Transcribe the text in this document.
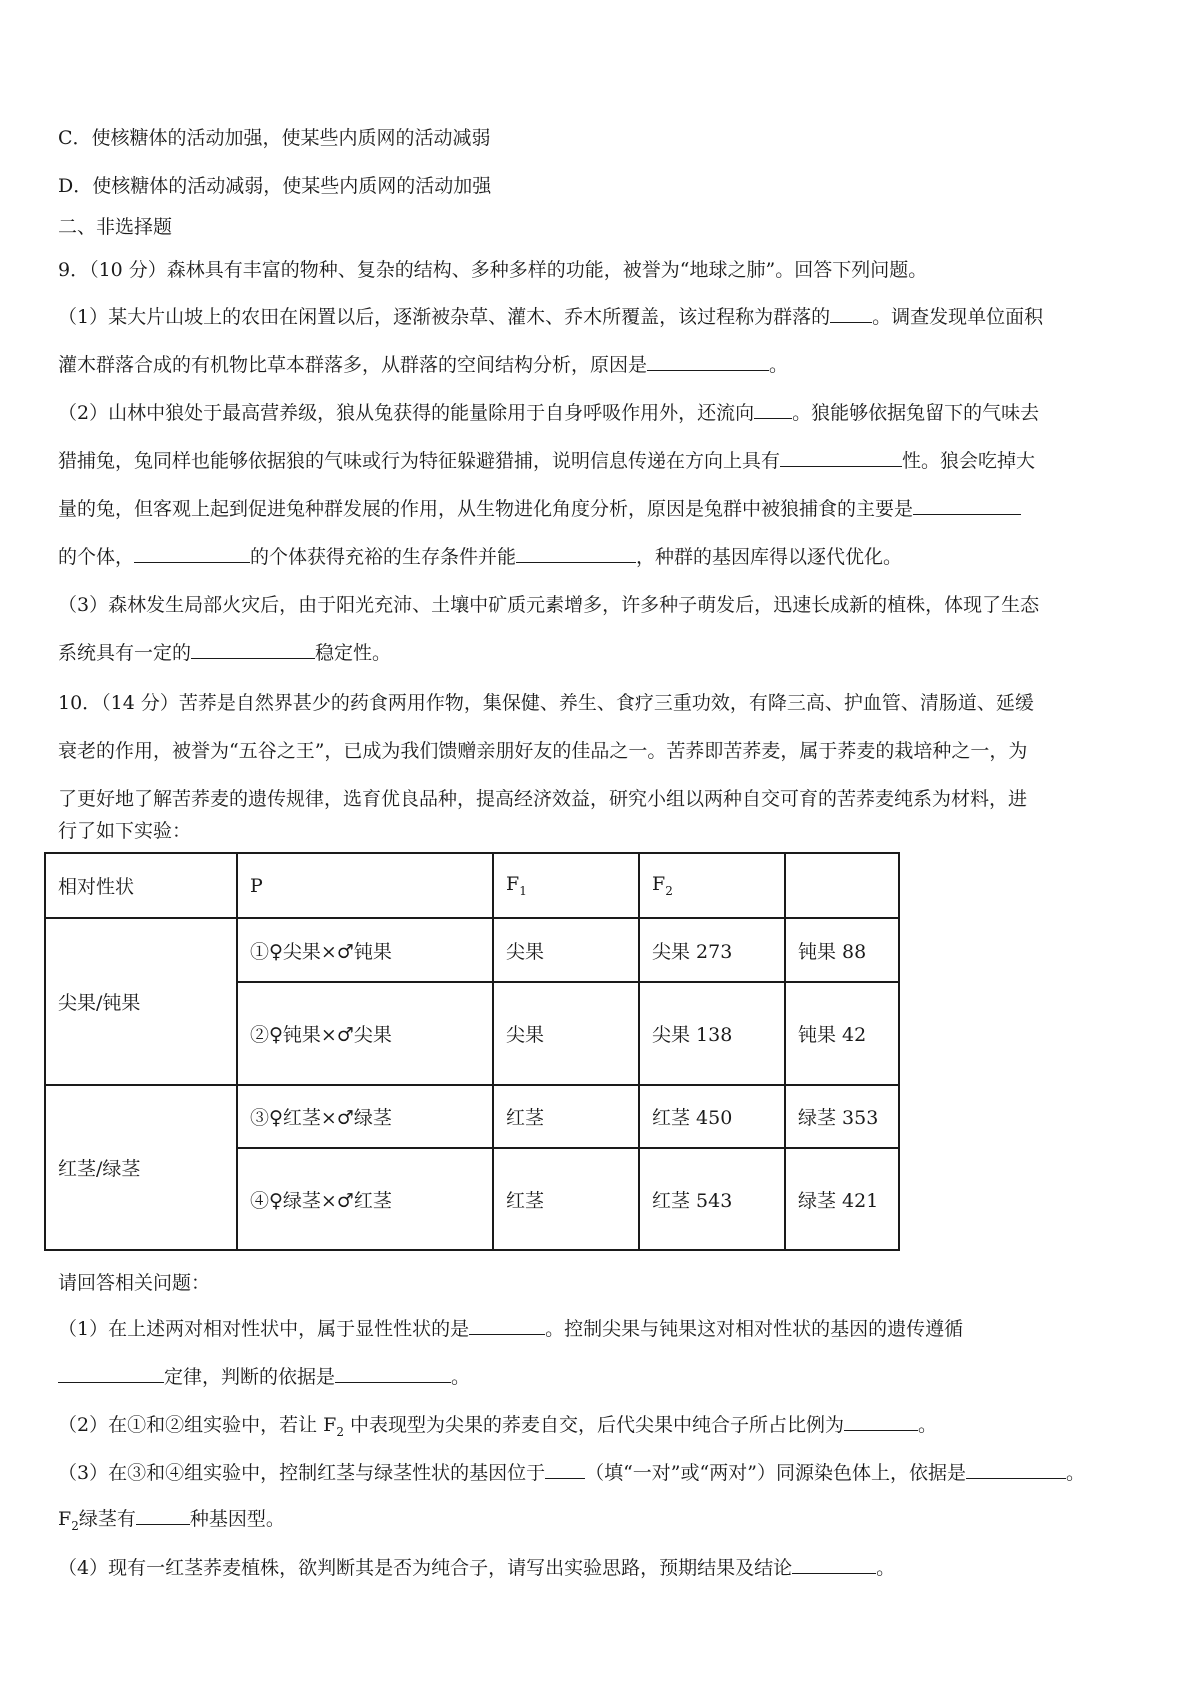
C．使核糖体的活动加强，使某些内质网的活动减弱
D．使核糖体的活动减弱，使某些内质网的活动加强
二、非选择题
9．（10 分）森林具有丰富的物种、复杂的结构、多种多样的功能，被誉为“地球之肺”。回答下列问题。
（1）某大片山坡上的农田在闲置以后，逐渐被杂草、灌木、乔木所覆盖，该过程称为群落的 。调查发现单位面积
灌木群落合成的有机物比草本群落多，从群落的空间结构分析，原因是	。
（2）山林中狼处于最高营养级，狼从兔获得的能量除用于自身呼吸作用外，还流向 。狼能够依据兔留下的气味去
猎捕兔，兔同样也能够依据狼的气味或行为特征躲避猎捕，说明信息传递在方向上具有	性。狼会吃掉大
量的兔，但客观上起到促进兔种群发展的作用，从生物进化角度分析，原因是兔群中被狼捕食的主要是
的个体，	的个体获得充裕的生存条件并能	，种群的基因库得以逐代优化。
（3）森林发生局部火灾后，由于阳光充沛、土壤中矿质元素增多，许多种子萌发后，迅速长成新的植株，体现了生态
系统具有一定的	稳定性。
10．（14 分）苦荞是自然界甚少的药食两用作物，集保健、养生、食疗三重功效，有降三高、护血管、清肠道、延缓
衰老的作用，被誉为“五谷之王”，已成为我们馈赠亲朋好友的佳品之一。苦荞即苦荞麦，属于荞麦的栽培种之一，为
了更好地了解苦荞麦的遗传规律，选育优良品种，提高经济效益，研究小组以两种自交可育的苦荞麦纯系为材料，进
行了如下实验：
相对性状	P	$F_1$	$F_2$	
尖果/钝果	①♀尖果×♂钝果	尖果	尖果 273	钝果 88
	②♀钝果×♂尖果	尖果	尖果 138	钝果 42
红茎/绿茎	③♀红茎×♂绿茎	红茎	红茎 450	绿茎 353
	④♀绿茎×♂红茎	红茎	红茎 543	绿茎 421
请回答相关问题：
（1）在上述两对相对性状中，属于显性性状的是	。控制尖果与钝果这对相对性状的基因的遗传遵循
定律，判断的依据是	。
（2）在①和②组实验中，若让 $F_2$ 中表现型为尖果的荞麦自交，后代尖果中纯合子所占比例为	。
（3）在③和④组实验中，控制红茎与绿茎性状的基因位于 （填“一对”或“两对”）同源染色体上，依据是	。
$F_2$绿茎有	种基因型。
（4）现有一红茎荞麦植株，欲判断其是否为纯合子，请写出实验思路，预期结果及结论	。
